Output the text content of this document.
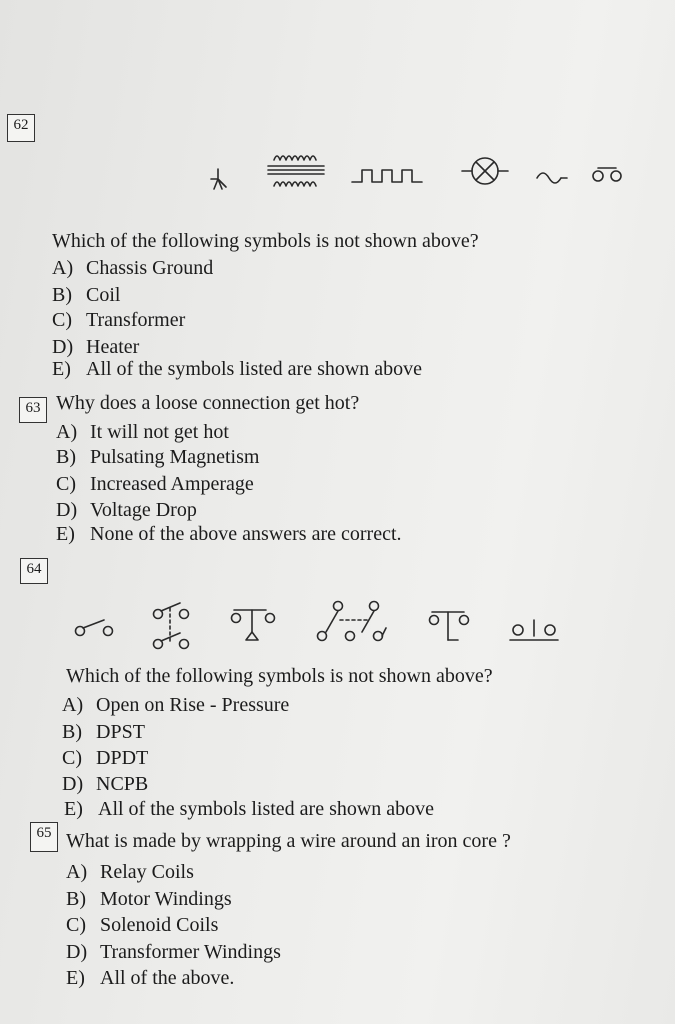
62
Which of the following symbols is not shown above?
A) Chassis Ground
B) Coil
C) Transformer
D) Heater
E) All of the symbols listed are shown above
63 Why does a loose connection get hot?
A) It will not get hot
B) Pulsating Magnetism
C) Increased Amperage
D) Voltage Drop
E) None of the above answers are correct.
64
Which of the following symbols is not shown above?
A) Open on Rise - Pressure
B) DPST
C) DPDT
D) NCPB
E) All of the symbols listed are shown above
65 What is made by wrapping a wire around an iron core ?
A) Relay Coils
B) Motor Windings
C) Solenoid Coils
D) Transformer Windings
E) All of the above.
